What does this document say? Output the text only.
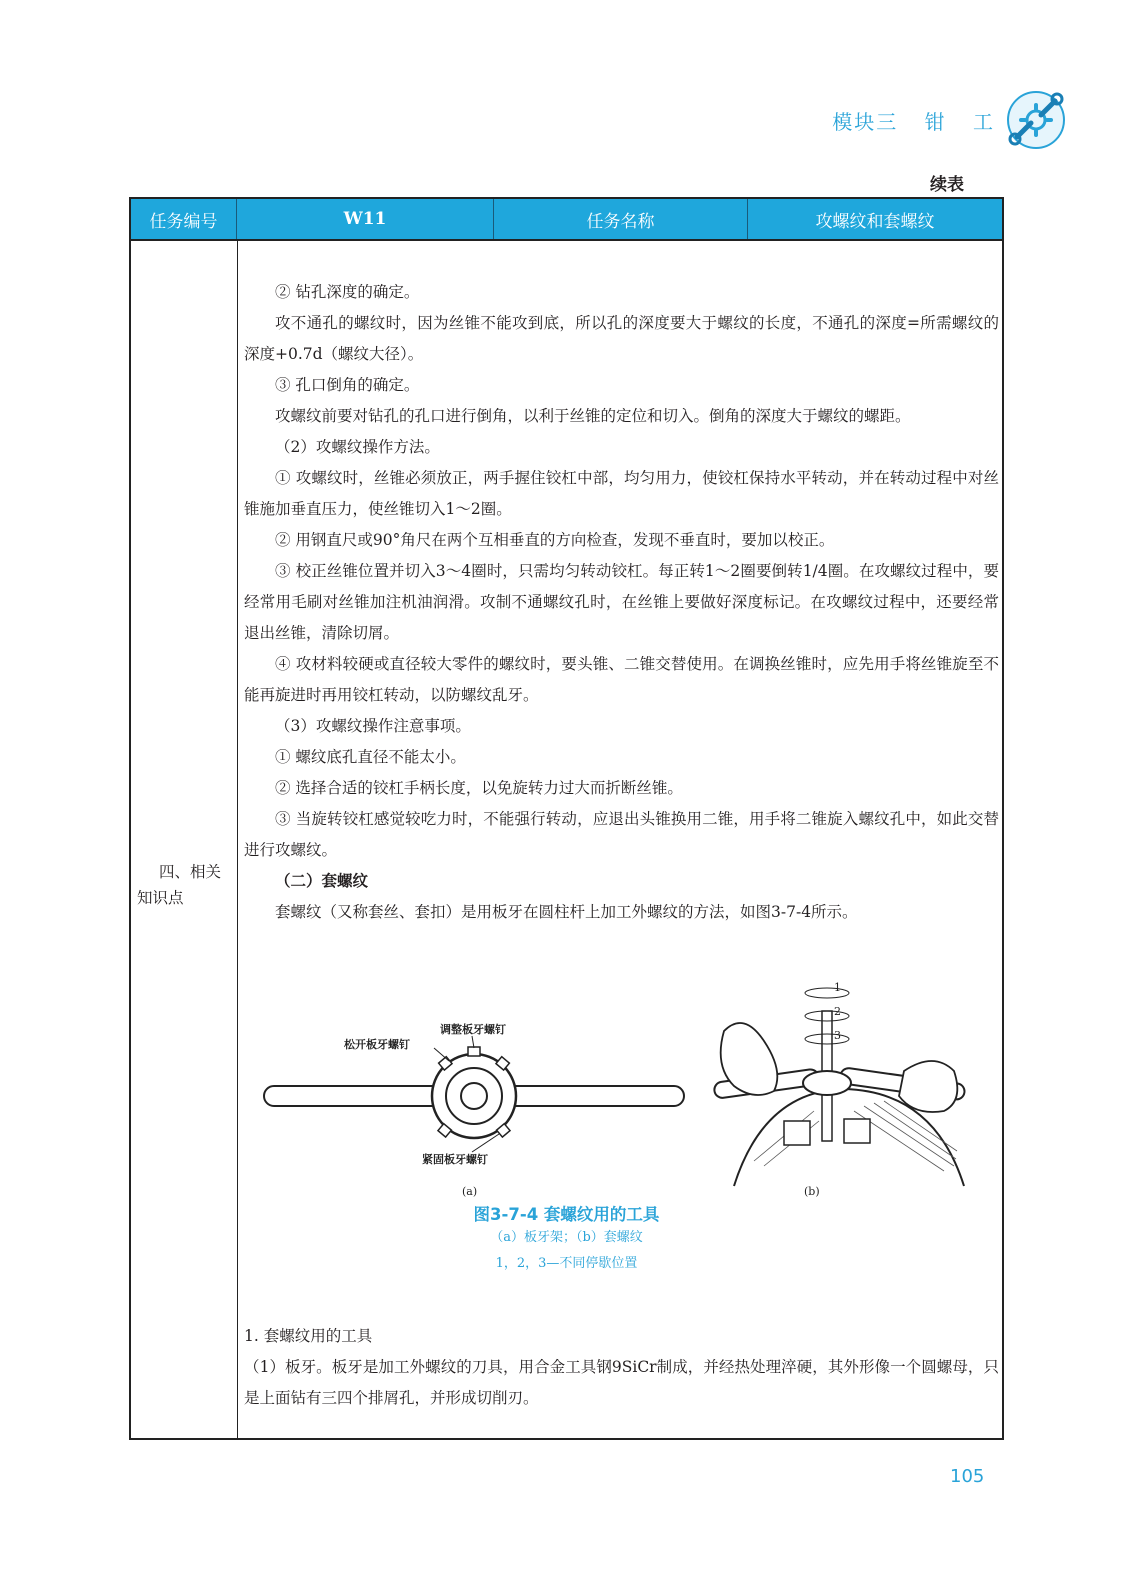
模块三 钳 工
续表
任务编号	W11	任务名称	攻螺纹和套螺纹
四、相关
知识点

② 钻孔深度的确定。

攻不通孔的螺纹时，因为丝锥不能攻到底，所以孔的深度要大于螺纹的长度，不通孔的深度=所需螺纹的深度+0.7d（螺纹大径）。

③ 孔口倒角的确定。

攻螺纹前要对钻孔的孔口进行倒角，以利于丝锥的定位和切入。倒角的深度大于螺纹的螺距。

（2）攻螺纹操作方法。

① 攻螺纹时，丝锥必须放正，两手握住铰杠中部，均匀用力，使铰杠保持水平转动，并在转动过程中对丝锥施加垂直压力，使丝锥切入1～2圈。

② 用钢直尺或90°角尺在两个互相垂直的方向检查，发现不垂直时，要加以校正。

③ 校正丝锥位置并切入3～4圈时，只需均匀转动铰杠。每正转1～2圈要倒转1/4圈。在攻螺纹过程中，要经常用毛刷对丝锥加注机油润滑。攻制不通螺纹孔时，在丝锥上要做好深度标记。在攻螺纹过程中，还要经常退出丝锥，清除切屑。

④ 攻材料较硬或直径较大零件的螺纹时，要头锥、二锥交替使用。在调换丝锥时，应先用手将丝锥旋至不能再旋进时再用铰杠转动，以防螺纹乱牙。

（3）攻螺纹操作注意事项。

① 螺纹底孔直径不能太小。

② 选择合适的铰杠手柄长度，以免旋转力过大而折断丝锥。

③ 当旋转铰杠感觉较吃力时，不能强行转动，应退出头锥换用二锥，用手将二锥旋入螺纹孔中，如此交替进行攻螺纹。

（二）套螺纹

套螺纹（又称套丝、套扣）是用板牙在圆柱杆上加工外螺纹的方法，如图3-7-4所示。

松开板牙螺钉
调整板牙螺钉
紧固板牙螺钉
(a)
1
2
3
(b)
图3-7-4 套螺纹用的工具
（a）板牙架；（b）套螺纹
1，2，3—不同停歇位置

1. 套螺纹用的工具

（1）板牙。板牙是加工外螺纹的刀具，用合金工具钢9SiCr制成，并经热处理淬硬，其外形像一个圆螺母，只是上面钻有三四个排屑孔，并形成切削刃。

105
